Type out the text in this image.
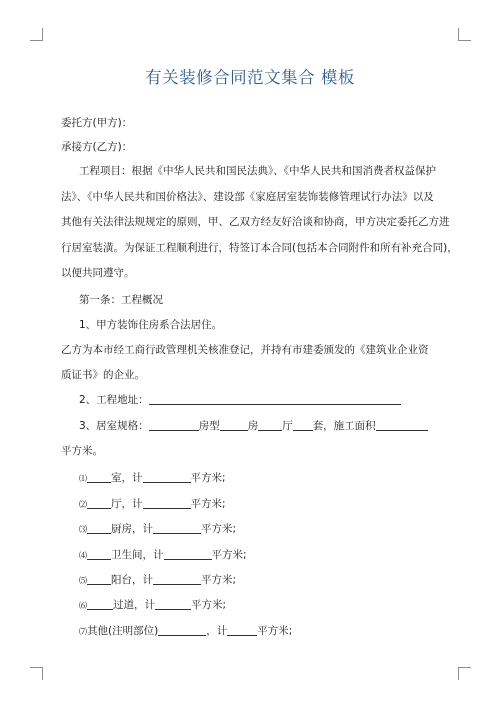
有关装修合同范文集合 模板
委托方(甲方)：
承接方(乙方)：
工程项目：根据《中华人民共和国民法典》、《中华人民共和国消费者权益保护
法》、《中华人民共和国价格法》、建设部《家庭居室装饰装修管理试行办法》以及
其他有关法律法规规定的原则，甲、乙双方经友好洽谈和协商，甲方决定委托乙方进
行居室装潢。为保证工程顺利进行，特签订本合同(包括本合同附件和所有补充合同)，
以便共同遵守。
第一条：工程概况
1、甲方装饰住房系合法居住。
乙方为本市经工商行政管理机关核准登记，并持有市建委颁发的《建筑业企业资
质证书》的企业。
2、工程地址：
3、居室规格：	房型	房 厅 套，施工面积
平方米。
⑴ 室，计	平方米;
⑵ 厅，计	平方米;
⑶ 厨房，计	平方米;
⑷ 卫生间，计	平方米;
⑸ 阳台，计	平方米;
⑹ 过道，计	平方米;
⑺其他(注明部位)	，计	平方米;
